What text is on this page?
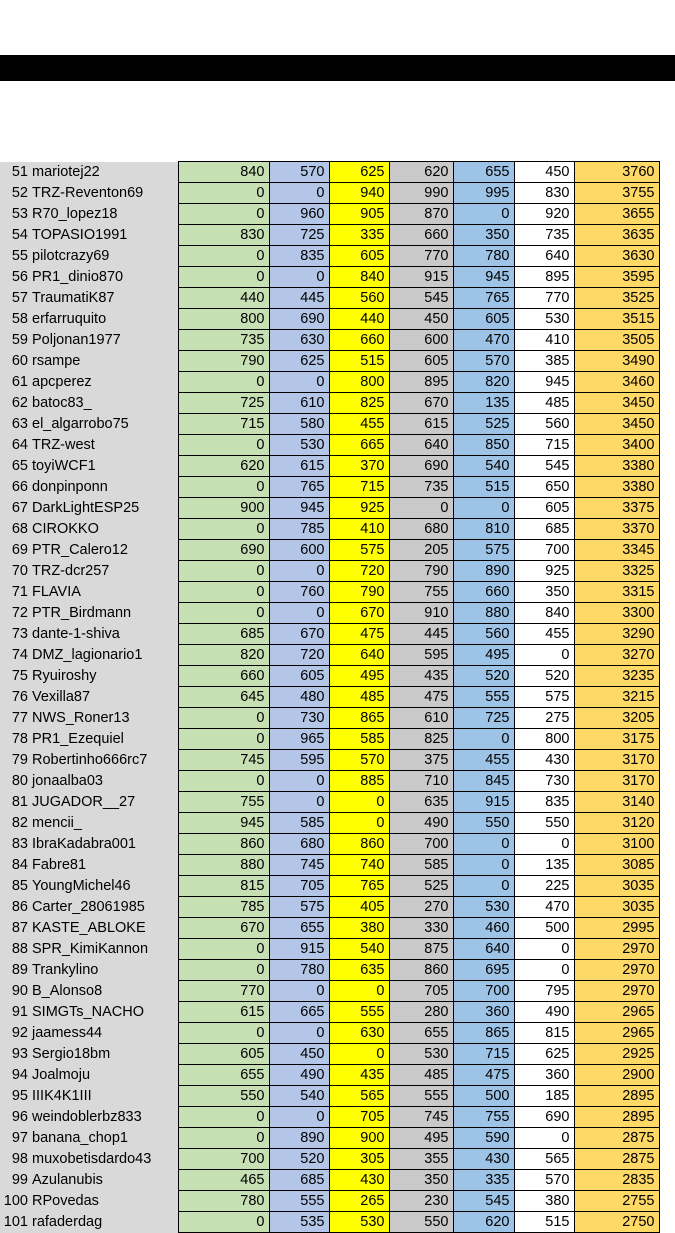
51	mariotej22	840	570	625	620	655	450	3760
52	TRZ-Reventon69	0	0	940	990	995	830	3755
53	R70_lopez18	0	960	905	870	0	920	3655
54	TOPASIO1991	830	725	335	660	350	735	3635
55	pilotcrazy69	0	835	605	770	780	640	3630
56	PR1_dinio870	0	0	840	915	945	895	3595
57	TraumatiK87	440	445	560	545	765	770	3525
58	erfarruquito	800	690	440	450	605	530	3515
59	Poljonan1977	735	630	660	600	470	410	3505
60	rsampe	790	625	515	605	570	385	3490
61	apcperez	0	0	800	895	820	945	3460
62	batoc83_	725	610	825	670	135	485	3450
63	el_algarrobo75	715	580	455	615	525	560	3450
64	TRZ-west	0	530	665	640	850	715	3400
65	toyiWCF1	620	615	370	690	540	545	3380
66	donpinponn	0	765	715	735	515	650	3380
67	DarkLightESP25	900	945	925	0	0	605	3375
68	CIROKKO	0	785	410	680	810	685	3370
69	PTR_Calero12	690	600	575	205	575	700	3345
70	TRZ-dcr257	0	0	720	790	890	925	3325
71	FLAVIA	0	760	790	755	660	350	3315
72	PTR_Birdmann	0	0	670	910	880	840	3300
73	dante-1-shiva	685	670	475	445	560	455	3290
74	DMZ_lagionario1	820	720	640	595	495	0	3270
75	Ryuiroshy	660	605	495	435	520	520	3235
76	Vexilla87	645	480	485	475	555	575	3215
77	NWS_Roner13	0	730	865	610	725	275	3205
78	PR1_Ezequiel	0	965	585	825	0	800	3175
79	Robertinho666rc7	745	595	570	375	455	430	3170
80	jonaalba03	0	0	885	710	845	730	3170
81	JUGADOR__27	755	0	0	635	915	835	3140
82	mencii_	945	585	0	490	550	550	3120
83	IbraKadabra001	860	680	860	700	0	0	3100
84	Fabre81	880	745	740	585	0	135	3085
85	YoungMichel46	815	705	765	525	0	225	3035
86	Carter_28061985	785	575	405	270	530	470	3035
87	KASTE_ABLOKE	670	655	380	330	460	500	2995
88	SPR_KimiKannon	0	915	540	875	640	0	2970
89	Trankylino	0	780	635	860	695	0	2970
90	B_Alonso8	770	0	0	705	700	795	2970
91	SIMGTs_NACHO	615	665	555	280	360	490	2965
92	jaamess44	0	0	630	655	865	815	2965
93	Sergio18bm	605	450	0	530	715	625	2925
94	Joalmoju	655	490	435	485	475	360	2900
95	IIIK4K1III	550	540	565	555	500	185	2895
96	weindoblerbz833	0	0	705	745	755	690	2895
97	banana_chop1	0	890	900	495	590	0	2875
98	muxobetisdardo43	700	520	305	355	430	565	2875
99	Azulanubis	465	685	430	350	335	570	2835
100	RPovedas	780	555	265	230	545	380	2755
101	rafaderdag	0	535	530	550	620	515	2750
